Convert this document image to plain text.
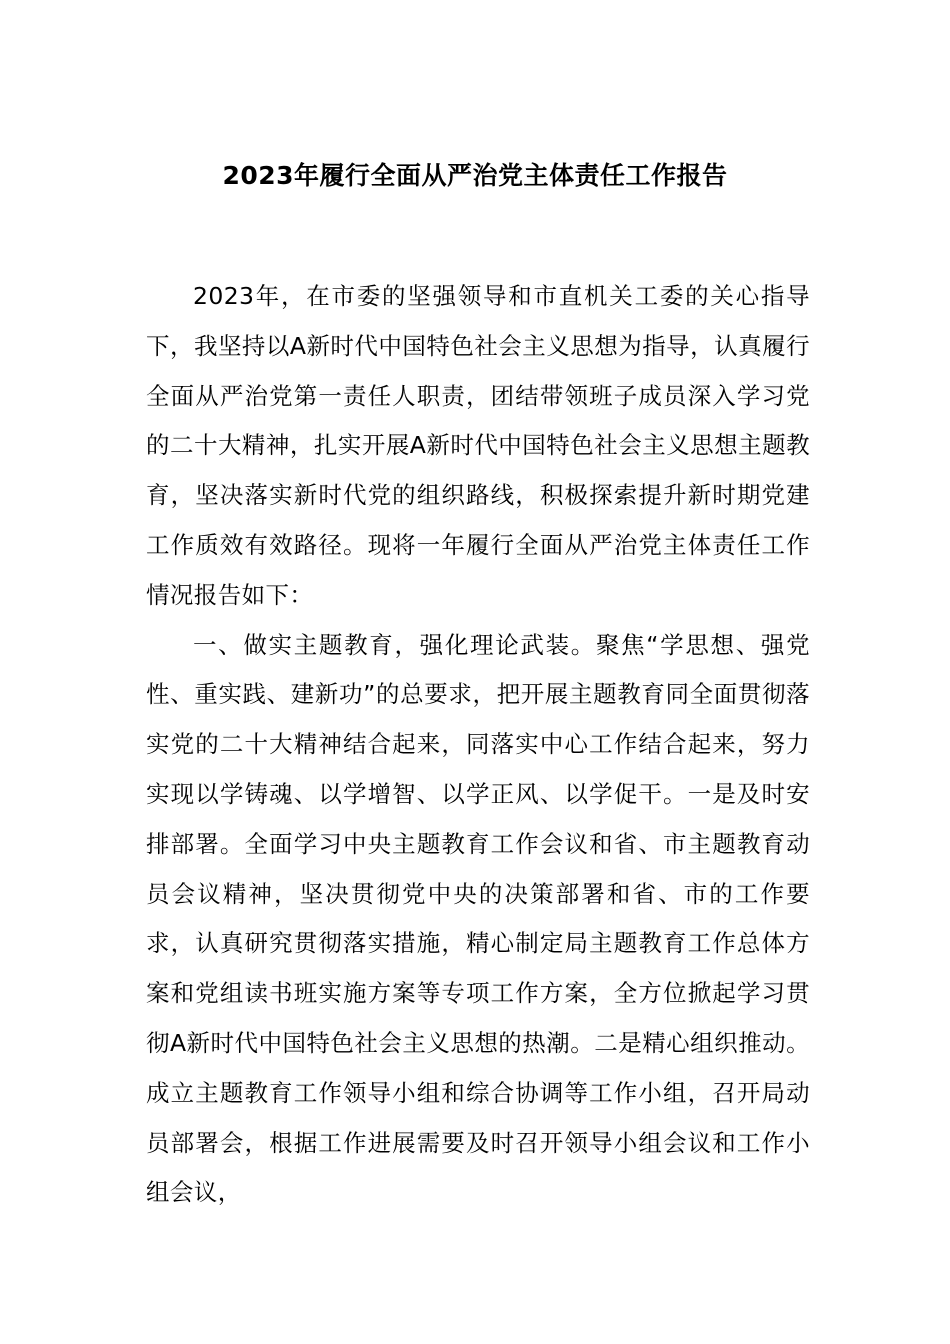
2023年履行全面从严治党主体责任工作报告

2023年，在市委的坚强领导和市直机关工委的关心指导下，我坚持以A新时代中国特色社会主义思想为指导，认真履行全面从严治党第一责任人职责，团结带领班子成员深入学习党的二十大精神，扎实开展A新时代中国特色社会主义思想主题教育，坚决落实新时代党的组织路线，积极探索提升新时期党建工作质效有效路径。现将一年履行全面从严治党主体责任工作情况报告如下：

一、做实主题教育，强化理论武装。聚焦“学思想、强党性、重实践、建新功”的总要求，把开展主题教育同全面贯彻落实党的二十大精神结合起来，同落实中心工作结合起来，努力实现以学铸魂、以学增智、以学正风、以学促干。一是及时安排部署。全面学习中央主题教育工作会议和省、市主题教育动员会议精神，坚决贯彻党中央的决策部署和省、市的工作要求，认真研究贯彻落实措施，精心制定局主题教育工作总体方案和党组读书班实施方案等专项工作方案，全方位掀起学习贯彻A新时代中国特色社会主义思想的热潮。二是精心组织推动。成立主题教育工作领导小组和综合协调等工作小组，召开局动员部署会，根据工作进展需要及时召开领导小组会议和工作小组会议，
